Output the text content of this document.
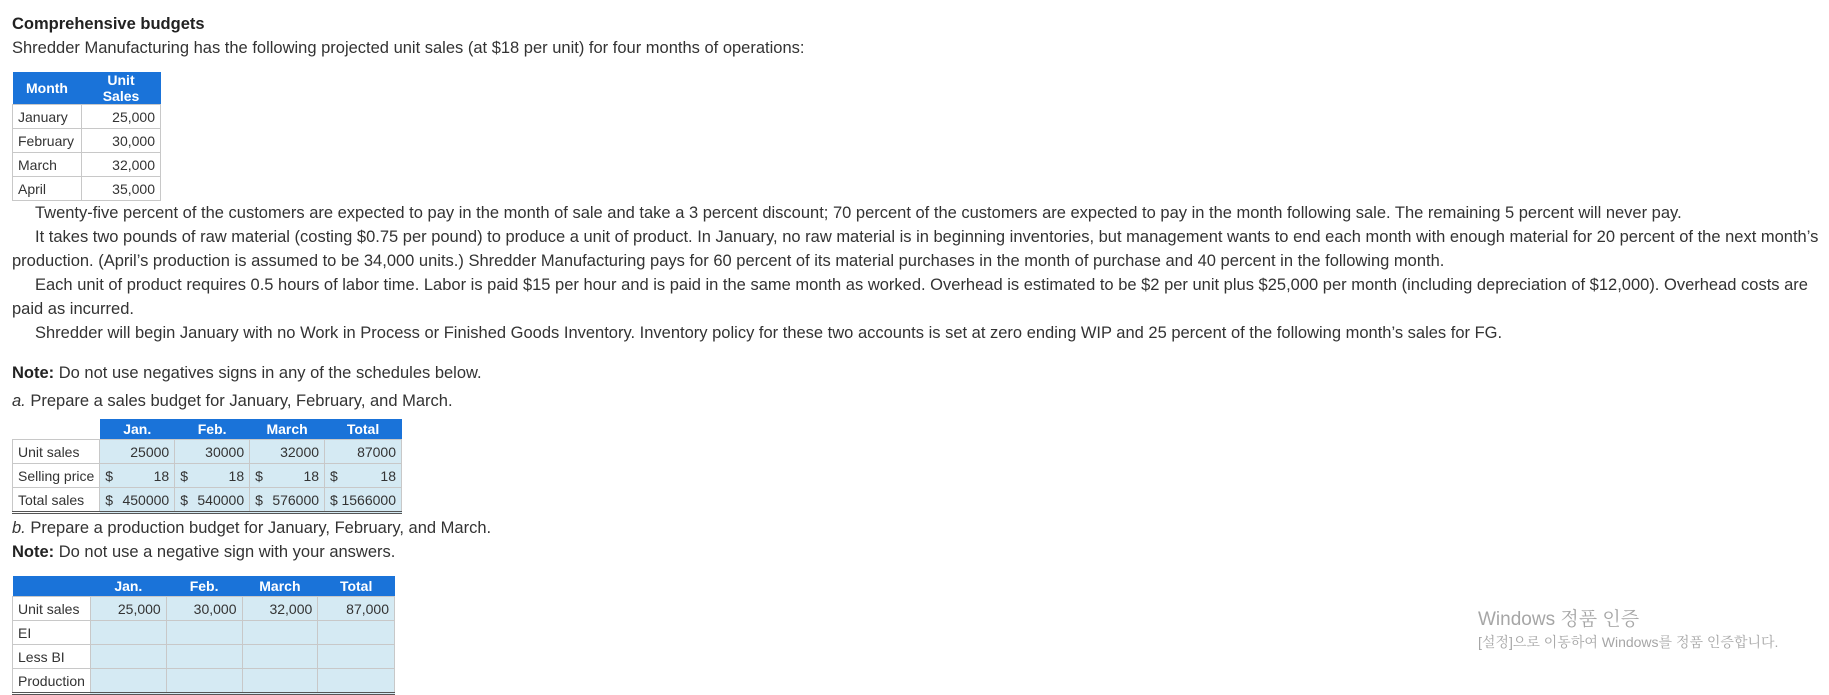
Comprehensive budgets
Shredder Manufacturing has the following projected unit sales (at $18 per unit) for four months of operations:
Month	Unit Sales
January	25,000
February	30,000
March	32,000
April	35,000
Twenty-five percent of the customers are expected to pay in the month of sale and take a 3 percent discount; 70 percent of the customers are expected to pay in the month following sale. The remaining 5 percent will never pay.
It takes two pounds of raw material (costing $0.75 per pound) to produce a unit of product. In January, no raw material is in beginning inventories, but management wants to end each month with enough material for 20 percent of the next month’s production. (April’s production is assumed to be 34,000 units.) Shredder Manufacturing pays for 60 percent of its material purchases in the month of purchase and 40 percent in the following month.
Each unit of product requires 0.5 hours of labor time. Labor is paid $15 per hour and is paid in the same month as worked. Overhead is estimated to be $2 per unit plus $25,000 per month (including depreciation of $12,000). Overhead costs are paid as incurred.
Shredder will begin January with no Work in Process or Finished Goods Inventory. Inventory policy for these two accounts is set at zero ending WIP and 25 percent of the following month’s sales for FG.
Note: Do not use negatives signs in any of the schedules below.
a. Prepare a sales budget for January, February, and March.
	Jan.	Feb.	March	Total
Unit sales	25000	30000	32000	87000
Selling price	$ 18	$ 18	$ 18	$ 18
Total sales	$ 450000	$ 540000	$ 576000	$ 1566000
b. Prepare a production budget for January, February, and March.
Note: Do not use a negative sign with your answers.
	Jan.	Feb.	March	Total
Unit sales	25,000	30,000	32,000	87,000
EI				
Less BI				
Production				
Windows 정품 인증
[설정]으로 이동하여 Windows를 정품 인증합니다.
